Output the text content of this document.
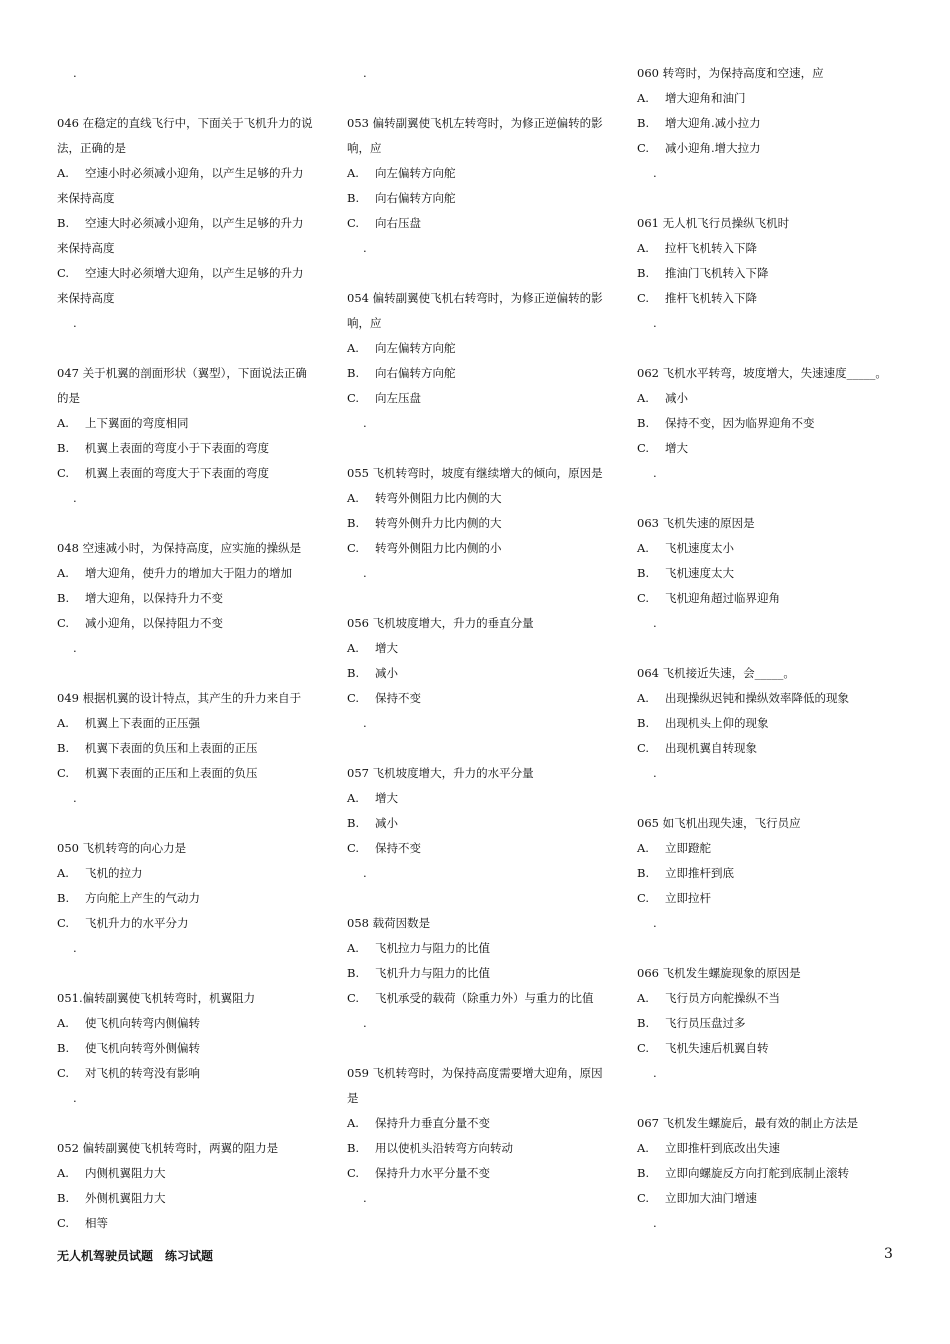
.
046 在稳定的直线飞行中，下面关于飞机升力的说
法，正确的是
A. 空速小时必须减小迎角，以产生足够的升力
来保持高度
B. 空速大时必须减小迎角，以产生足够的升力
来保持高度
C. 空速大时必须增大迎角，以产生足够的升力
来保持高度
.
047 关于机翼的剖面形状（翼型），下面说法正确
的是
A. 上下翼面的弯度相同
B. 机翼上表面的弯度小于下表面的弯度
C. 机翼上表面的弯度大于下表面的弯度
.
048 空速减小时，为保持高度，应实施的操纵是
A. 增大迎角，使升力的增加大于阻力的增加
B. 增大迎角，以保持升力不变
C. 减小迎角，以保持阻力不变
.
049 根据机翼的设计特点，其产生的升力来自于
A. 机翼上下表面的正压强
B. 机翼下表面的负压和上表面的正压
C. 机翼下表面的正压和上表面的负压
.
050 飞机转弯的向心力是
A. 飞机的拉力
B. 方向舵上产生的气动力
C. 飞机升力的水平分力
.
051.偏转副翼使飞机转弯时，机翼阻力
A. 使飞机向转弯内侧偏转
B. 使飞机向转弯外侧偏转
C. 对飞机的转弯没有影响
.
052 偏转副翼使飞机转弯时，两翼的阻力是
A. 内侧机翼阻力大
B. 外侧机翼阻力大
C. 相等
.
053 偏转副翼使飞机左转弯时，为修正逆偏转的影
响，应
A. 向左偏转方向舵
B. 向右偏转方向舵
C. 向右压盘
.
054 偏转副翼使飞机右转弯时，为修正逆偏转的影
响，应
A. 向左偏转方向舵
B. 向右偏转方向舵
C. 向左压盘
.
055 飞机转弯时，坡度有继续增大的倾向，原因是
A. 转弯外侧阻力比内侧的大
B. 转弯外侧升力比内侧的大
C. 转弯外侧阻力比内侧的小
.
056 飞机坡度增大，升力的垂直分量
A. 增大
B. 减小
C. 保持不变
.
057 飞机坡度增大，升力的水平分量
A. 增大
B. 减小
C. 保持不变
.
058 载荷因数是
A. 飞机拉力与阻力的比值
B. 飞机升力与阻力的比值
C. 飞机承受的载荷（除重力外）与重力的比值
.
059 飞机转弯时，为保持高度需要增大迎角，原因
是
A. 保持升力垂直分量不变
B. 用以使机头沿转弯方向转动
C. 保持升力水平分量不变
.
060 转弯时，为保持高度和空速，应
A. 增大迎角和油门
B. 增大迎角.减小拉力
C. 减小迎角.增大拉力
.
061 无人机飞行员操纵飞机时
A. 拉杆飞机转入下降
B. 推油门飞机转入下降
C. 推杆飞机转入下降
.
062 飞机水平转弯，坡度增大，失速速度_____。
A. 减小
B. 保持不变，因为临界迎角不变
C. 增大
.
063 飞机失速的原因是
A. 飞机速度太小
B. 飞机速度太大
C. 飞机迎角超过临界迎角
.
064 飞机接近失速，会_____。
A. 出现操纵迟钝和操纵效率降低的现象
B. 出现机头上仰的现象
C. 出现机翼自转现象
.
065 如飞机出现失速，飞行员应
A. 立即蹬舵
B. 立即推杆到底
C. 立即拉杆
.
066 飞机发生螺旋现象的原因是
A. 飞行员方向舵操纵不当
B. 飞行员压盘过多
C. 飞机失速后机翼自转
.
067 飞机发生螺旋后，最有效的制止方法是
A. 立即推杆到底改出失速
B. 立即向螺旋反方向打舵到底制止滚转
C. 立即加大油门增速
.
无人机驾驶员试题　练习试题	3
